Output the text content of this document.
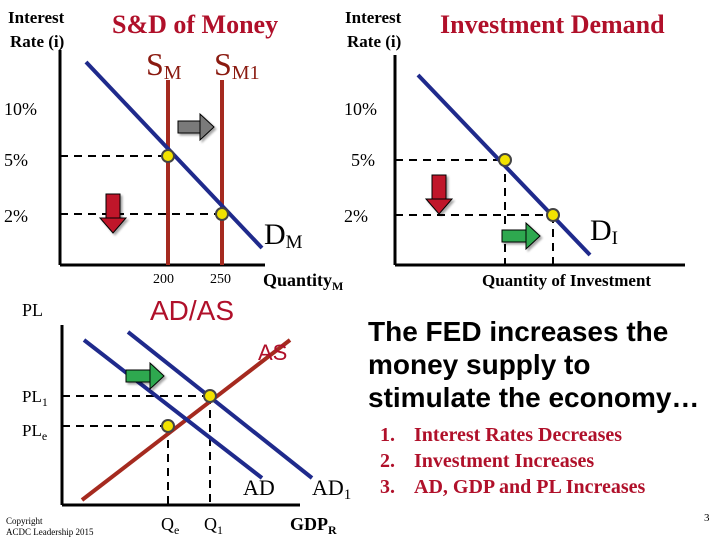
Interest
Rate (i)
S&D of Money
SM SM1
10%
5%
2%
200	250
DM
Quantity$_M$
Interest
Rate (i)
Investment Demand
10%
5%
2%	DI
Quantity of Investment
AD/AS
PL
$PL_1$
$PL_e$
AS
AD AD1
$Q_e$ $Q_1$	$GDP_R$
The FED increases the
money supply to
stimulate the economy…
1. Interest Rates Decreases
2. Investment Increases
3. AD, GDP and PL Increases
Copyright
ACDC Leadership 2015
3
